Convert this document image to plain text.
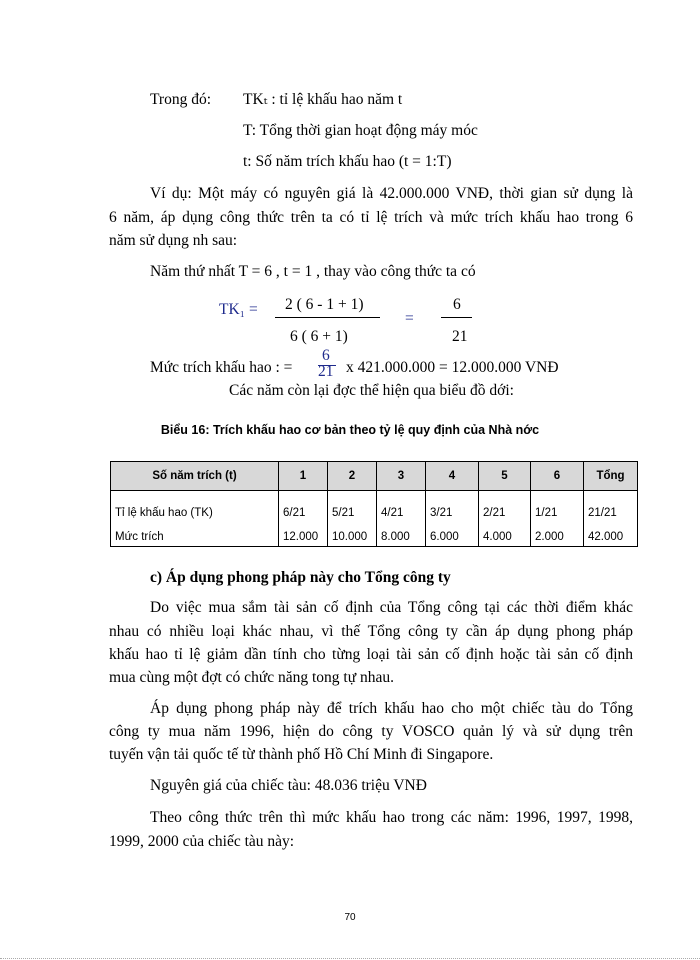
Trong đó: TKₜ : tỉ lệ khấu hao năm t
T: Tổng thời gian hoạt động máy móc
t: Số năm trích khấu hao (t = 1:T)
Ví dụ: Một máy có nguyên giá là 42.000.000 VNĐ, thời gian sử dụng là
6 năm, áp dụng công thức trên ta có tỉ lệ trích và mức trích khấu hao trong 6
năm sử dụng nh sau:
Năm thứ nhất T = 6 , t = 1 , thay vào công thức ta có
TK₁ = 2 ( 6 - 1 + 1)
6 ( 6 + 1)
=
6
21
Mức trích khấu hao : =
6
21 x 421.000.000 = 12.000.000 VNĐ
Các năm còn lại đợc thể hiện qua biểu đồ dới:
Biểu 16: Trích khấu hao cơ bản theo tỷ lệ quy định của Nhà nớc
Số năm trích (t)	1	2	3	4	5	6	Tổng
Tỉ lệ khấu hao (TK)	6/21	5/21	4/21	3/21	2/21	1/21	21/21
Mức trích	12.000	10.000	8.000	6.000	4.000	2.000	42.000
c) Áp dụng phong pháp này cho Tổng công ty
Do việc mua sắm tài sản cố định của Tổng công tại các thời điểm khác
nhau có nhiều loại khác nhau, vì thế Tổng công ty cần áp dụng phong pháp
khấu hao tỉ lệ giảm dần tính cho từng loại tài sản cố định hoặc tài sản cố định
mua cùng một đợt có chức năng tong tự nhau.
Áp dụng phong pháp này để trích khấu hao cho một chiếc tàu do Tổng
công ty mua năm 1996, hiện do công ty VOSCO quản lý và sử dụng trên
tuyến vận tải quốc tế từ thành phố Hồ Chí Minh đi Singapore.
Nguyên giá của chiếc tàu: 48.036 triệu VNĐ
Theo công thức trên thì mức khấu hao trong các năm: 1996, 1997, 1998,
1999, 2000 của chiếc tàu này:
70
